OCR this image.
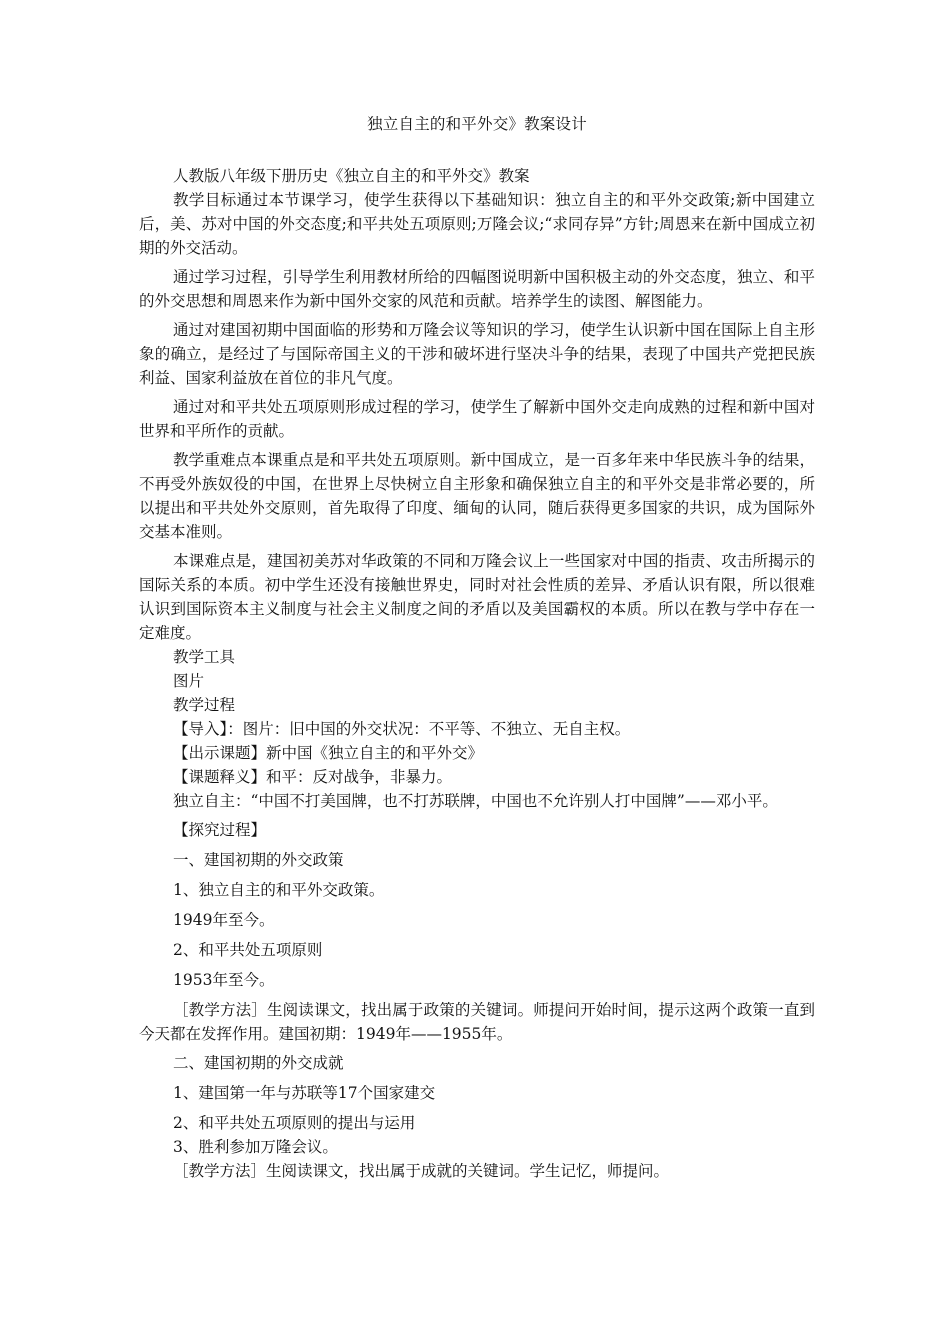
独立自主的和平外交》教案设计

人教版八年级下册历史《独立自主的和平外交》教案

教学目标通过本节课学习，使学生获得以下基础知识：独立自主的和平外交政策;新中国建立后，美、苏对中国的外交态度;和平共处五项原则;万隆会议;“求同存异”方针;周恩来在新中国成立初期的外交活动。

通过学习过程，引导学生利用教材所给的四幅图说明新中国积极主动的外交态度，独立、和平的外交思想和周恩来作为新中国外交家的风范和贡献。培养学生的读图、解图能力。

通过对建国初期中国面临的形势和万隆会议等知识的学习，使学生认识新中国在国际上自主形象的确立，是经过了与国际帝国主义的干涉和破坏进行坚决斗争的结果，表现了中国共产党把民族利益、国家利益放在首位的非凡气度。

通过对和平共处五项原则形成过程的学习，使学生了解新中国外交走向成熟的过程和新中国对世界和平所作的贡献。

教学重难点本课重点是和平共处五项原则。新中国成立，是一百多年来中华民族斗争的结果，不再受外族奴役的中国，在世界上尽快树立自主形象和确保独立自主的和平外交是非常必要的，所以提出和平共处外交原则，首先取得了印度、缅甸的认同，随后获得更多国家的共识，成为国际外交基本准则。

本课难点是，建国初美苏对华政策的不同和万隆会议上一些国家对中国的指责、攻击所揭示的国际关系的本质。初中学生还没有接触世界史，同时对社会性质的差异、矛盾认识有限，所以很难认识到国际资本主义制度与社会主义制度之间的矛盾以及美国霸权的本质。所以在教与学中存在一定难度。

教学工具

图片

教学过程

【导入】：图片：旧中国的外交状况：不平等、不独立、无自主权。

【出示课题】新中国《独立自主的和平外交》

【课题释义】和平：反对战争，非暴力。

独立自主：“中国不打美国牌，也不打苏联牌，中国也不允许别人打中国牌”——邓小平。

【探究过程】

一、建国初期的外交政策

1、独立自主的和平外交政策。

1949年至今。

2、和平共处五项原则

1953年至今。

［教学方法］生阅读课文，找出属于政策的关键词。师提问开始时间，提示这两个政策一直到今天都在发挥作用。建国初期：1949年——1955年。

二、建国初期的外交成就

1、建国第一年与苏联等17个国家建交

2、和平共处五项原则的提出与运用

3、胜利参加万隆会议。

［教学方法］生阅读课文，找出属于成就的关键词。学生记忆，师提问。
